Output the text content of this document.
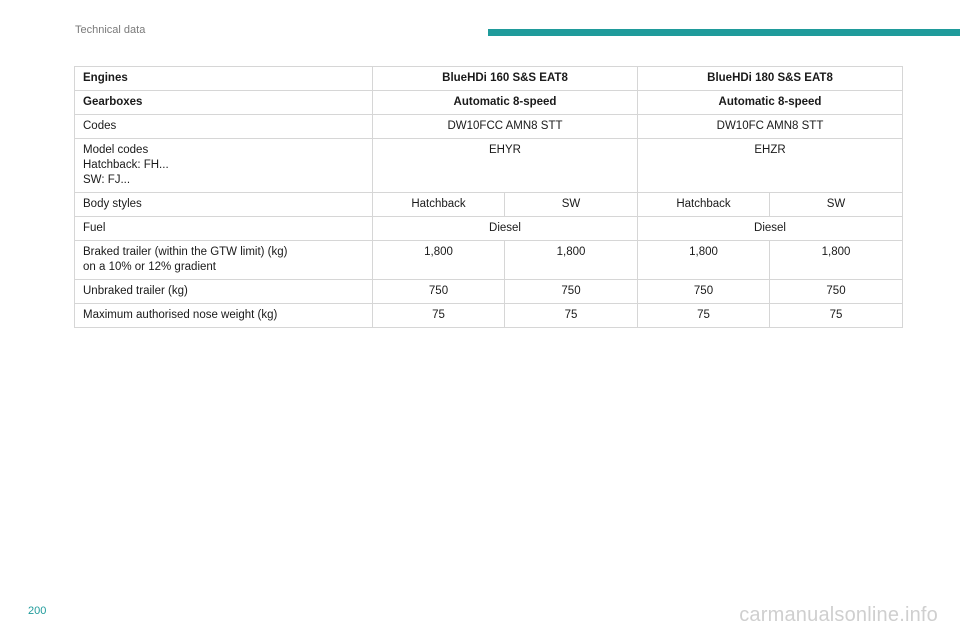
Technical data
Engines	BlueHDi 160 S&S EAT8		BlueHDi 180 S&S EAT8	
Gearboxes	Automatic 8-speed		Automatic 8-speed	
Codes	DW10FCC AMN8 STT		DW10FC AMN8 STT	
Model codes
Hatchback: FH...
SW: FJ...	EHYR		EHZR	
Body styles	Hatchback	SW	Hatchback	SW
Fuel	Diesel		Diesel	
Braked trailer (within the GTW limit) (kg)
on a 10% or 12% gradient	1,800	1,800	1,800	1,800
Unbraked trailer (kg)	750	750	750	750
Maximum authorised nose weight (kg)	75	75	75	75
200	carmanualsonline.info
